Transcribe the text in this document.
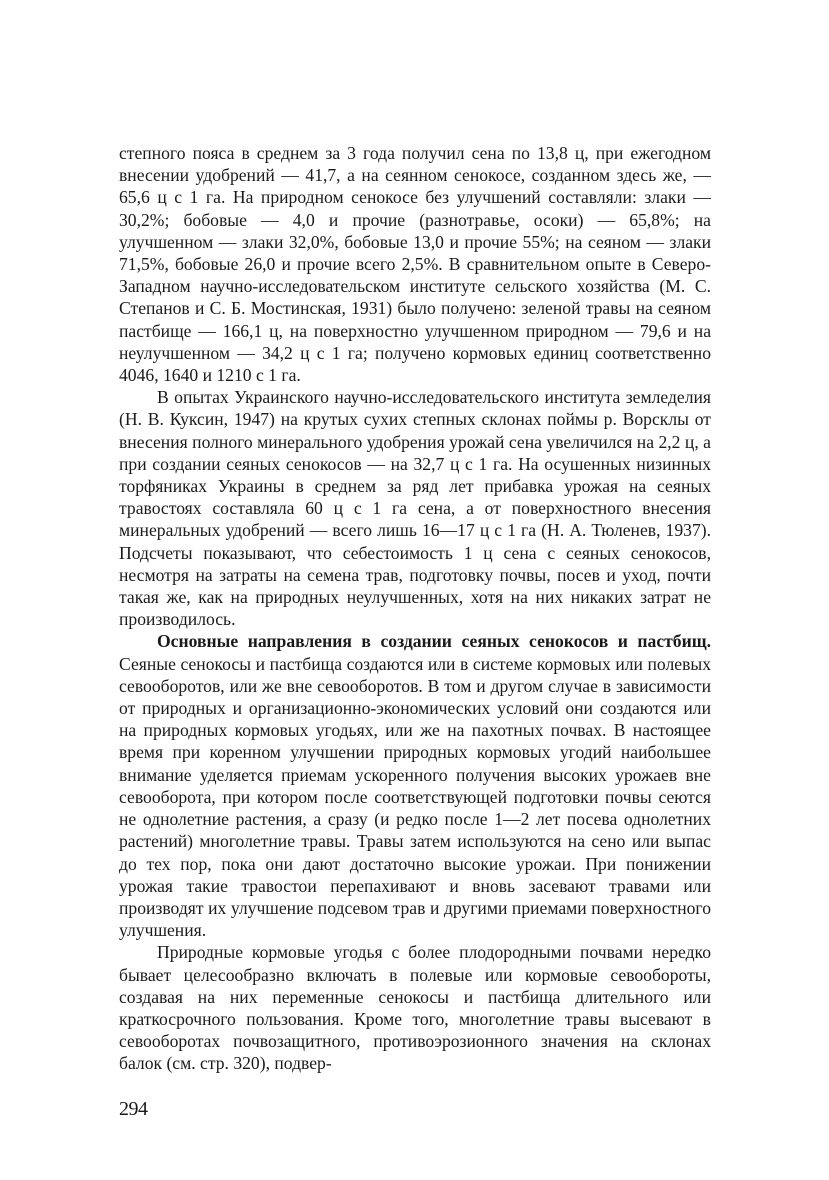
степного пояса в среднем за 3 года получил сена по 13,8 ц, при ежегодном внесении удобрений — 41,7, а на сеянном сенокосе, созданном здесь же, — 65,6 ц с 1 га. На природном сенокосе без улучшений составляли: злаки — 30,2%; бобовые — 4,0 и прочие (разнотравье, осоки) — 65,8%; на улучшенном — злаки 32,0%, бобовые 13,0 и прочие 55%; на сеяном — злаки 71,5%, бобовые 26,0 и прочие всего 2,5%. В сравнительном опыте в Северо-Западном научно-исследовательском институте сельского хозяйства (М. С. Степанов и С. Б. Мостинская, 1931) было получено: зеленой травы на сеяном пастбище — 166,1 ц, на поверхностно улучшенном природном — 79,6 и на неулучшенном — 34,2 ц с 1 га; получено кормовых единиц соответственно 4046, 1640 и 1210 с 1 га.

В опытах Украинского научно-исследовательского института земледелия (Н. В. Куксин, 1947) на крутых сухих степных склонах поймы р. Ворсклы от внесения полного минерального удобрения урожай сена увеличился на 2,2 ц, а при создании сеяных сенокосов — на 32,7 ц с 1 га. На осушенных низинных торфяниках Украины в среднем за ряд лет прибавка урожая на сеяных травостоях составляла 60 ц с 1 га сена, а от поверхностного внесения минеральных удобрений — всего лишь 16—17 ц с 1 га (Н. А. Тюленев, 1937). Подсчеты показывают, что себестоимость 1 ц сена с сеяных сенокосов, несмотря на затраты на семена трав, подготовку почвы, посев и уход, почти такая же, как на природных неулучшенных, хотя на них никаких затрат не производилось.

Основные направления в создании сеяных сенокосов и пастбищ. Сеяные сенокосы и пастбища создаются или в системе кормовых или полевых севооборотов, или же вне севооборотов. В том и другом случае в зависимости от природных и организационно-экономических условий они создаются или на природных кормовых угодьях, или же на пахотных почвах. В настоящее время при коренном улучшении природных кормовых угодий наибольшее внимание уделяется приемам ускоренного получения высоких урожаев вне севооборота, при котором после соответствующей подготовки почвы сеются не однолетние растения, а сразу (и редко после 1—2 лет посева однолетних растений) многолетние травы. Травы затем используются на сено или выпас до тех пор, пока они дают достаточно высокие урожаи. При понижении урожая такие травостои перепахивают и вновь засевают травами или производят их улучшение подсевом трав и другими приемами поверхностного улучшения.

Природные кормовые угодья с более плодородными почвами нередко бывает целесообразно включать в полевые или кормовые севообороты, создавая на них переменные сенокосы и пастбища длительного или краткосрочного пользования. Кроме того, многолетние травы высевают в севооборотах почвозащитного, противоэрозионного значения на склонах балок (см. стр. 320), подвер-

294
